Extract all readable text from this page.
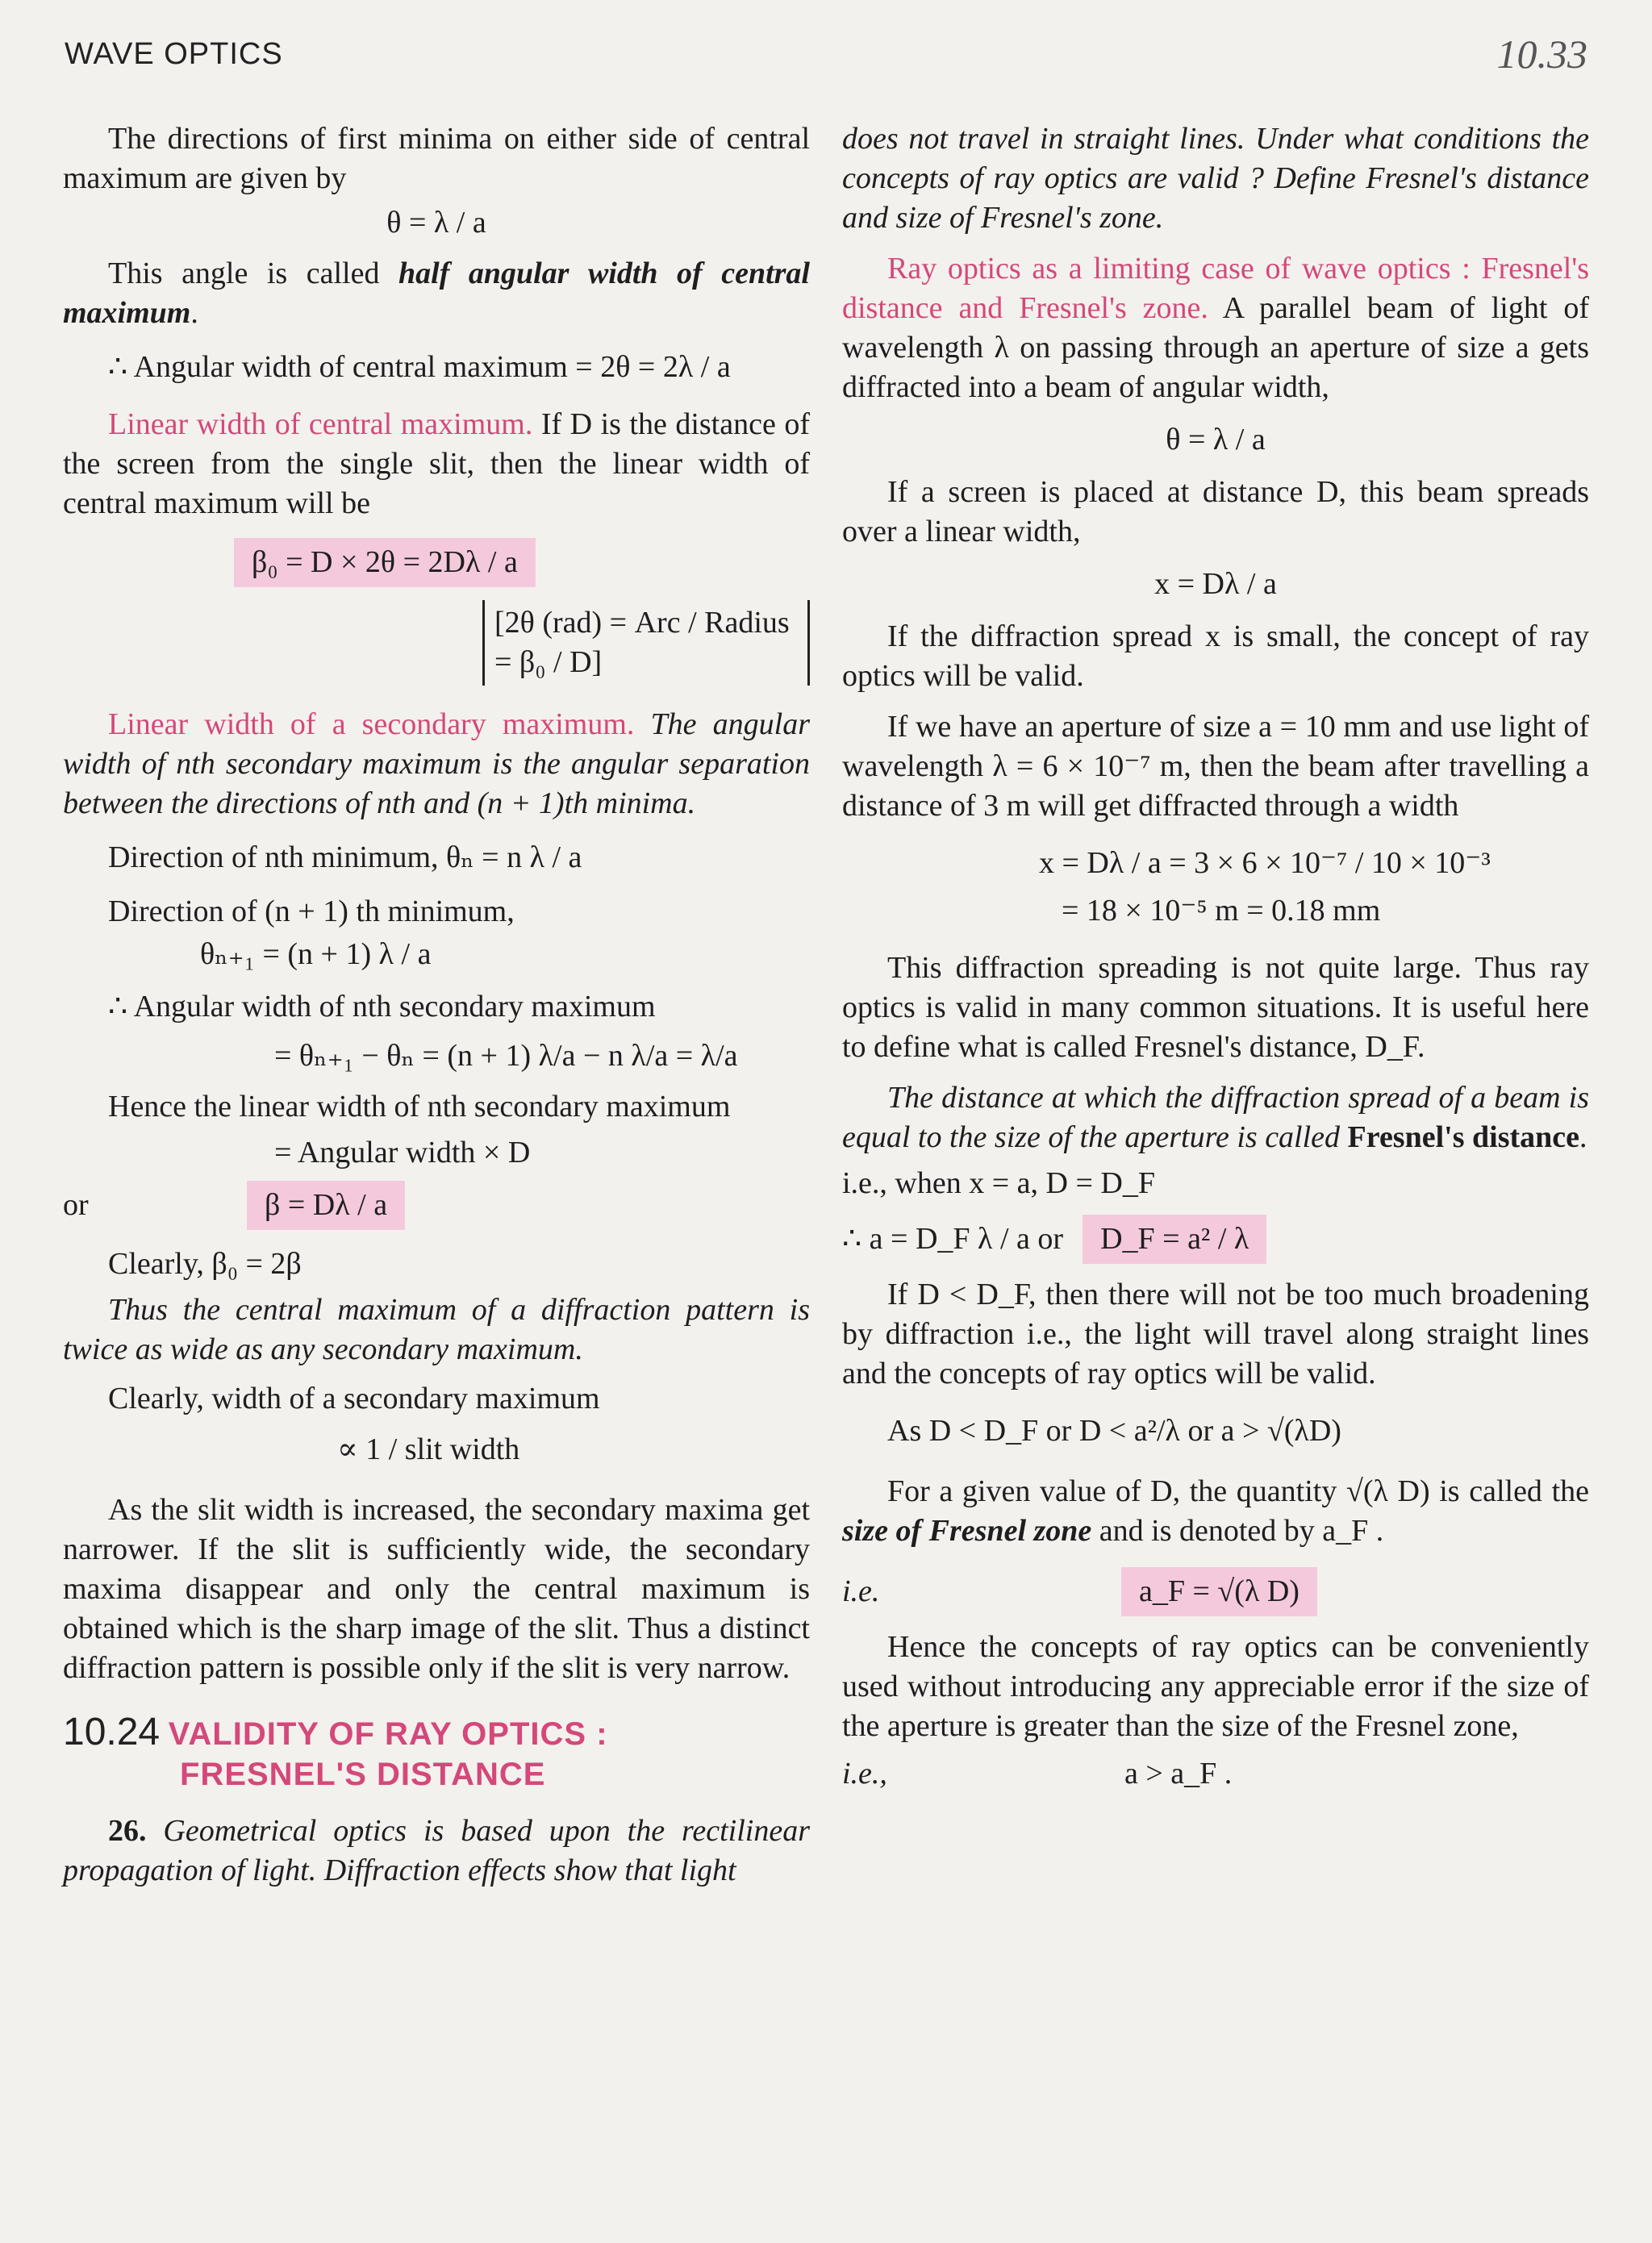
WAVE OPTICS	10.33

The directions of first minima on either side of central maximum are given by

θ = λ / a

This angle is called half angular width of central maximum.

∴ Angular width of central maximum = 2θ = 2λ / a

Linear width of central maximum. If D is the distance of the screen from the single slit, then the linear width of central maximum will be

β₀ = D × 2θ = 2Dλ / a
[2θ (rad) = Arc / Radius = β₀ / D]

Linear width of a secondary maximum. The angular width of nth secondary maximum is the angular separation between the directions of nth and (n + 1)th minima.

Direction of nth minimum, θₙ = n λ / a

Direction of (n + 1) th minimum,

θₙ₊₁ = (n + 1) λ / a

∴ Angular width of nth secondary maximum

= θₙ₊₁ − θₙ = (n + 1) λ/a − n λ/a = λ/a

Hence the linear width of nth secondary maximum

= Angular width × D
or	β = Dλ / a

Clearly, β₀ = 2β

Thus the central maximum of a diffraction pattern is twice as wide as any secondary maximum.

Clearly, width of a secondary maximum

∝ 1 / slit width

As the slit width is increased, the secondary maxima get narrower. If the slit is sufficiently wide, the secondary maxima disappear and only the central maximum is obtained which is the sharp image of the slit. Thus a distinct diffraction pattern is possible only if the slit is very narrow.

10.24 VALIDITY OF RAY OPTICS :
FRESNEL'S DISTANCE

26. Geometrical optics is based upon the rectilinear propagation of light. Diffraction effects show that light

does not travel in straight lines. Under what conditions the concepts of ray optics are valid ? Define Fresnel's distance and size of Fresnel's zone.

Ray optics as a limiting case of wave optics : Fresnel's distance and Fresnel's zone. A parallel beam of light of wavelength λ on passing through an aperture of size a gets diffracted into a beam of angular width,

θ = λ / a

If a screen is placed at distance D, this beam spreads over a linear width,

x = Dλ / a

If the diffraction spread x is small, the concept of ray optics will be valid.

If we have an aperture of size a = 10 mm and use light of wavelength λ = 6 × 10⁻⁷ m, then the beam after travelling a distance of 3 m will get diffracted through a width

x = Dλ / a = 3 × 6 × 10⁻⁷ / 10 × 10⁻³
= 18 × 10⁻⁵ m = 0.18 mm

This diffraction spreading is not quite large. Thus ray optics is valid in many common situations. It is useful here to define what is called Fresnel's distance, D_F.

The distance at which the diffraction spread of a beam is equal to the size of the aperture is called Fresnel's distance.

i.e., when x = a, D = D_F

∴ a = D_F λ / a or	D_F = a² / λ

If D < D_F, then there will not be too much broadening by diffraction i.e., the light will travel along straight lines and the concepts of ray optics will be valid.

As D < D_F or D < a²/λ or a > √(λD)

For a given value of D, the quantity √(λ D) is called the size of Fresnel zone and is denoted by a_F .

i.e.	a_F = √(λ D)

Hence the concepts of ray optics can be conveniently used without introducing any appreciable error if the size of the aperture is greater than the size of the Fresnel zone,

i.e.,	a > a_F .
